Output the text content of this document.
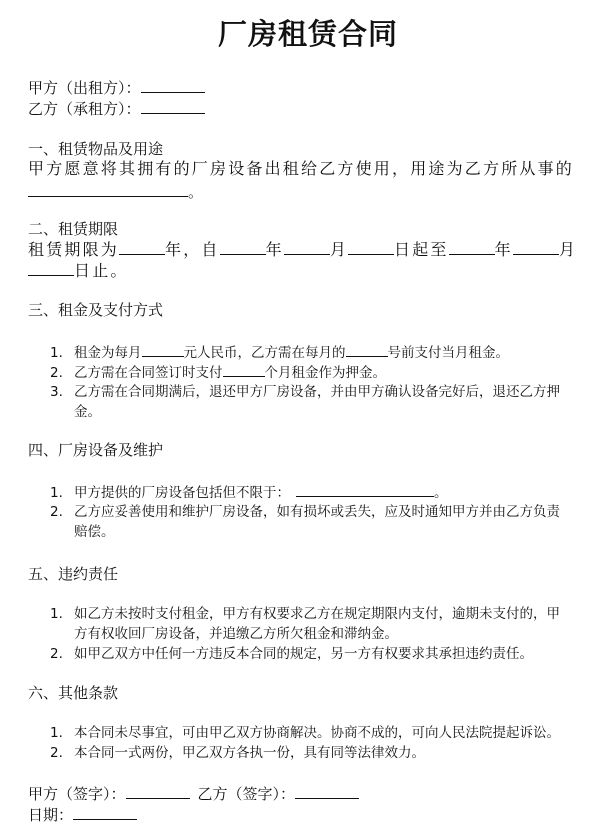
厂房租赁合同
甲方（出租方）：
乙方（承租方）：
一、租赁物品及用途
甲方愿意将其拥有的厂房设备出租给乙方使用，用途为乙方所从事的
。
二、租赁期限
租赁期限为	年，自	年	月	日起至	年	月
日止。
三、租金及支付方式
1. 租金为每月	元人民币，乙方需在每月的	号前支付当月租金。
2. 乙方需在合同签订时支付	个月租金作为押金。
3. 乙方需在合同期满后，退还甲方厂房设备，并由甲方确认设备完好后，退还乙方押
金。
四、厂房设备及维护
1. 甲方提供的厂房设备包括但不限于：	。
2. 乙方应妥善使用和维护厂房设备，如有损坏或丢失，应及时通知甲方并由乙方负责
赔偿。
五、违约责任
1. 如乙方未按时支付租金，甲方有权要求乙方在规定期限内支付，逾期未支付的，甲
方有权收回厂房设备，并追缴乙方所欠租金和滞纳金。
2. 如甲乙双方中任何一方违反本合同的规定，另一方有权要求其承担违约责任。
六、其他条款
1. 本合同未尽事宜，可由甲乙双方协商解决。协商不成的，可向人民法院提起诉讼。
2. 本合同一式两份，甲乙双方各执一份，具有同等法律效力。
甲方（签字）：	乙方（签字）：
日期：
